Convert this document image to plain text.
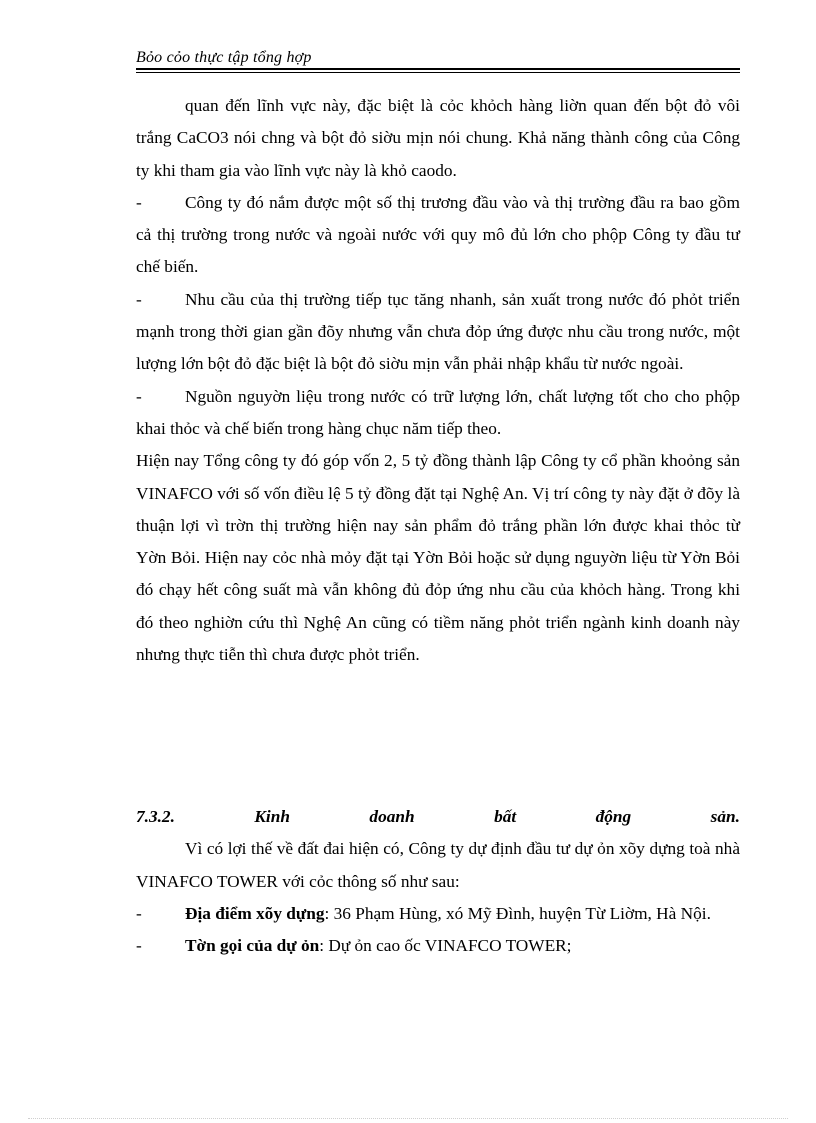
Bỏo cỏo thực tập tổng hợp

quan đến lĩnh vực này, đặc biệt là cỏc khỏch hàng liờn quan đến bột đỏ vôi trắng CaCO3 nói chng và bột đỏ siờu mịn nói chung. Khả năng thành công của Công ty khi tham gia vào lĩnh vực này là khỏ caodo.

- Công ty đó nắm được một số thị trương đầu vào và thị trường đầu ra bao gồm cả thị trường trong nước và ngoài nước với quy mô đủ lớn cho phộp Công ty đầu tư chế biến.

- Nhu cầu của thị trường tiếp tục tăng nhanh, sản xuất trong nước đó phỏt triển mạnh trong thời gian gần đõy nhưng vẫn chưa đỏp ứng được nhu cầu trong nước, một lượng lớn bột đỏ đặc biệt là bột đỏ siờu mịn vẫn phải nhập khẩu từ nước ngoài.

- Nguồn nguyờn liệu trong nước có trữ lượng lớn, chất lượng tốt cho cho phộp khai thỏc và chế biến trong hàng chục năm tiếp theo.

Hiện nay Tổng công ty đó góp vốn 2, 5 tỷ đồng thành lập Công ty cổ phần khoỏng sản VINAFCO với số vốn điều lệ 5 tỷ đồng đặt tại Nghệ An. Vị trí công ty này đặt ở đõy là thuận lợi vì trờn thị trường hiện nay sản phẩm đỏ trắng phần lớn được khai thỏc từ Yờn Bỏi. Hiện nay cỏc nhà mỏy đặt tại Yờn Bỏi hoặc sử dụng nguyờn liệu từ Yờn Bỏi đó chạy hết công suất mà vẫn không đủ đỏp ứng nhu cầu của khỏch hàng. Trong khi đó theo nghiờn cứu thì Nghệ An cũng có tiềm năng phỏt triển ngành kinh doanh này nhưng thực tiễn thì chưa được phỏt triển.

7.3.2.	Kinh	doanh	bất	động	sản.

Vì có lợi thế về đất đai hiện có, Công ty dự định đầu tư dự ỏn xõy dựng toà nhà VINAFCO TOWER với cỏc thông số như sau:

- Địa điểm xõy dựng: 36 Phạm Hùng, xó Mỹ Đình, huyện Từ Liờm, Hà Nội.

- Tờn gọi của dự ỏn: Dự ỏn cao ốc VINAFCO TOWER;
